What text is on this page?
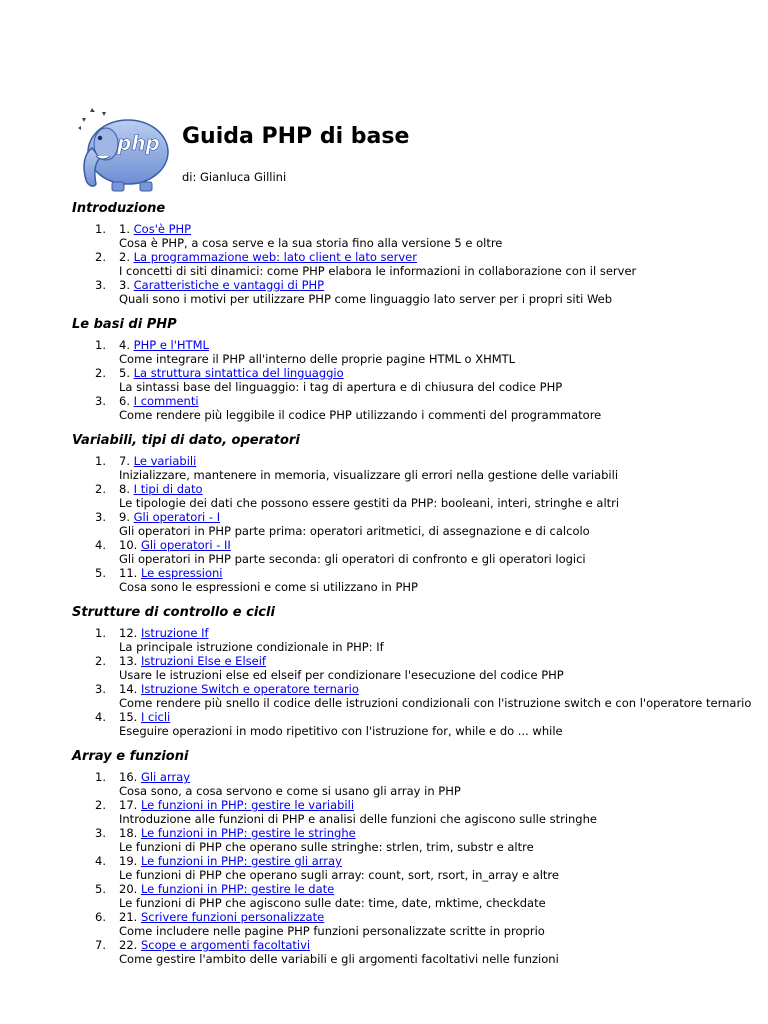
php Guida PHP di base
di: Gianluca Gillini
Introduzione
1. 1. Cos'è PHP
Cosa è PHP, a cosa serve e la sua storia fino alla versione 5 e oltre
2. 2. La programmazione web: lato client e lato server
I concetti di siti dinamici: come PHP elabora le informazioni in collaborazione con il server
3. 3. Caratteristiche e vantaggi di PHP
Quali sono i motivi per utilizzare PHP come linguaggio lato server per i propri siti Web
Le basi di PHP
1. 4. PHP e l'HTML
Come integrare il PHP all'interno delle proprie pagine HTML o XHMTL
2. 5. La struttura sintattica del linguaggio
La sintassi base del linguaggio: i tag di apertura e di chiusura del codice PHP
3. 6. I commenti
Come rendere più leggibile il codice PHP utilizzando i commenti del programmatore
Variabili, tipi di dato, operatori
1. 7. Le variabili
Inizializzare, mantenere in memoria, visualizzare gli errori nella gestione delle variabili
2. 8. I tipi di dato
Le tipologie dei dati che possono essere gestiti da PHP: booleani, interi, stringhe e altri
3. 9. Gli operatori - I
Gli operatori in PHP parte prima: operatori aritmetici, di assegnazione e di calcolo
4. 10. Gli operatori - II
Gli operatori in PHP parte seconda: gli operatori di confronto e gli operatori logici
5. 11. Le espressioni
Cosa sono le espressioni e come si utilizzano in PHP
Strutture di controllo e cicli
1. 12. Istruzione If
La principale istruzione condizionale in PHP: If
2. 13. Istruzioni Else e Elseif
Usare le istruzioni else ed elseif per condizionare l'esecuzione del codice PHP
3. 14. Istruzione Switch e operatore ternario
Come rendere più snello il codice delle istruzioni condizionali con l'istruzione switch e con l'operatore ternario
4. 15. I cicli
Eseguire operazioni in modo ripetitivo con l'istruzione for, while e do ... while
Array e funzioni
1. 16. Gli array
Cosa sono, a cosa servono e come si usano gli array in PHP
2. 17. Le funzioni in PHP: gestire le variabili
Introduzione alle funzioni di PHP e analisi delle funzioni che agiscono sulle stringhe
3. 18. Le funzioni in PHP: gestire le stringhe
Le funzioni di PHP che operano sulle stringhe: strlen, trim, substr e altre
4. 19. Le funzioni in PHP: gestire gli array
Le funzioni di PHP che operano sugli array: count, sort, rsort, in_array e altre
5. 20. Le funzioni in PHP: gestire le date
Le funzioni di PHP che agiscono sulle date: time, date, mktime, checkdate
6. 21. Scrivere funzioni personalizzate
Come includere nelle pagine PHP funzioni personalizzate scritte in proprio
7. 22. Scope e argomenti facoltativi
Come gestire l'ambito delle variabili e gli argomenti facoltativi nelle funzioni
